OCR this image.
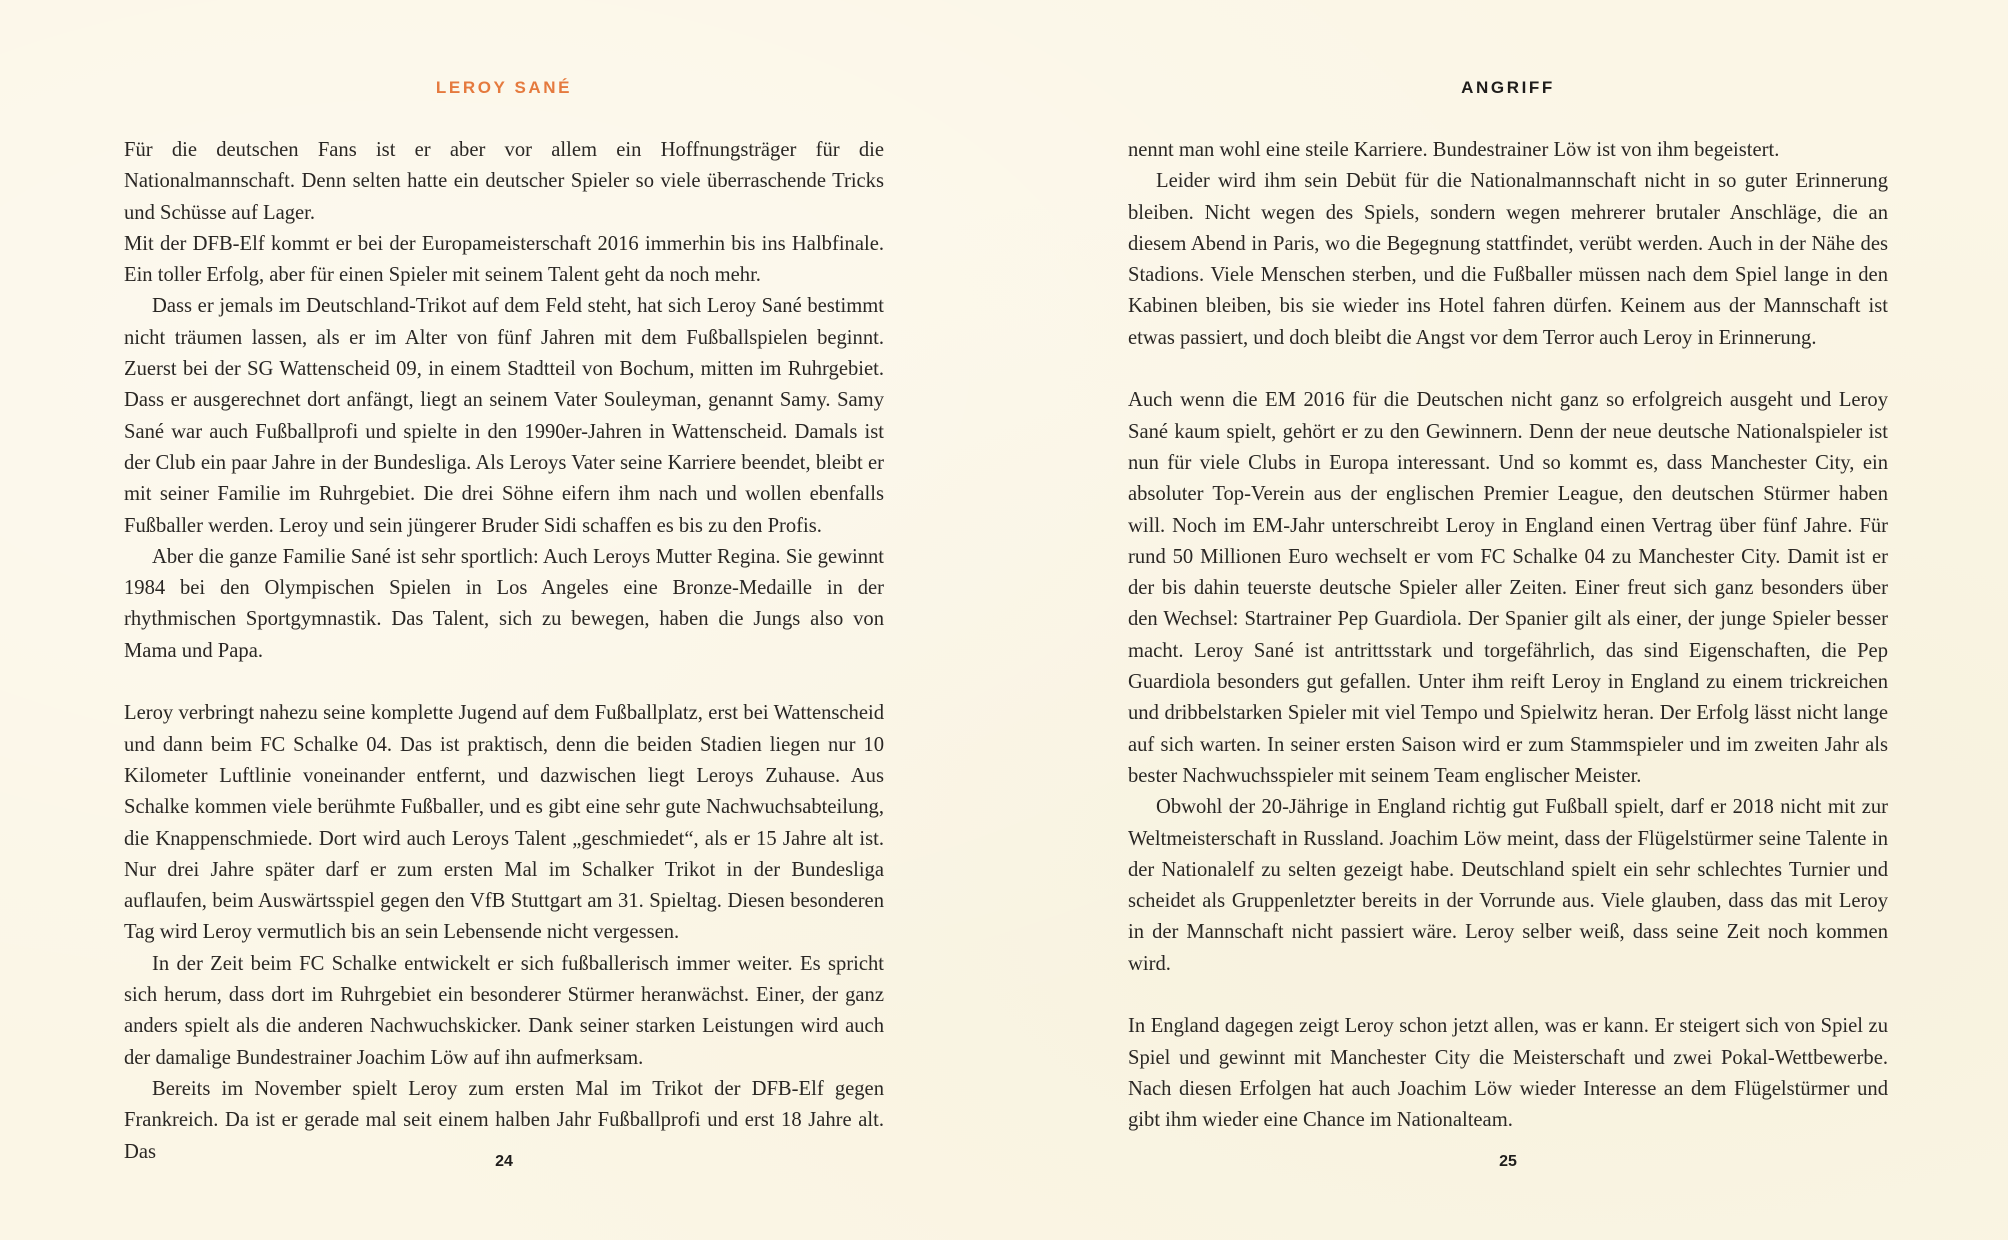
LEROY SANÉ

Für die deutschen Fans ist er aber vor allem ein Hoffnungsträger für die Nationalmannschaft. Denn selten hatte ein deutscher Spieler so viele überraschende Tricks und Schüsse auf Lager.

Mit der DFB-Elf kommt er bei der Europameisterschaft 2016 immerhin bis ins Halbfinale. Ein toller Erfolg, aber für einen Spieler mit seinem Talent geht da noch mehr.

Dass er jemals im Deutschland-Trikot auf dem Feld steht, hat sich Leroy Sané bestimmt nicht träumen lassen, als er im Alter von fünf Jahren mit dem Fußballspielen beginnt. Zuerst bei der SG Wattenscheid 09, in einem Stadtteil von Bochum, mitten im Ruhrgebiet. Dass er ausgerechnet dort anfängt, liegt an seinem Vater Souleyman, genannt Samy. Samy Sané war auch Fußballprofi und spielte in den 1990er-Jahren in Wattenscheid. Damals ist der Club ein paar Jahre in der Bundesliga. Als Leroys Vater seine Karriere beendet, bleibt er mit seiner Familie im Ruhrgebiet. Die drei Söhne eifern ihm nach und wollen ebenfalls Fußballer werden. Leroy und sein jüngerer Bruder Sidi schaffen es bis zu den Profis.

Aber die ganze Familie Sané ist sehr sportlich: Auch Leroys Mutter Regina. Sie gewinnt 1984 bei den Olympischen Spielen in Los Angeles eine Bronze-Medaille in der rhythmischen Sportgymnastik. Das Talent, sich zu bewegen, haben die Jungs also von Mama und Papa.

Leroy verbringt nahezu seine komplette Jugend auf dem Fußballplatz, erst bei Wattenscheid und dann beim FC Schalke 04. Das ist praktisch, denn die beiden Stadien liegen nur 10 Kilometer Luftlinie voneinander entfernt, und dazwischen liegt Leroys Zuhause. Aus Schalke kommen viele berühmte Fußballer, und es gibt eine sehr gute Nachwuchsabteilung, die Knappenschmiede. Dort wird auch Leroys Talent „geschmiedet“, als er 15 Jahre alt ist. Nur drei Jahre später darf er zum ersten Mal im Schalker Trikot in der Bundesliga auflaufen, beim Auswärtsspiel gegen den VfB Stuttgart am 31. Spieltag. Diesen besonderen Tag wird Leroy vermutlich bis an sein Lebensende nicht vergessen.

In der Zeit beim FC Schalke entwickelt er sich fußballerisch immer weiter. Es spricht sich herum, dass dort im Ruhrgebiet ein besonderer Stürmer heranwächst. Einer, der ganz anders spielt als die anderen Nachwuchskicker. Dank seiner starken Leistungen wird auch der damalige Bundestrainer Joachim Löw auf ihn aufmerksam.

Bereits im November spielt Leroy zum ersten Mal im Trikot der DFB-Elf gegen Frankreich. Da ist er gerade mal seit einem halben Jahr Fußballprofi und erst 18 Jahre alt. Das	24
ANGRIFF

nennt man wohl eine steile Karriere. Bundestrainer Löw ist von ihm begeistert.

Leider wird ihm sein Debüt für die Nationalmannschaft nicht in so guter Erinnerung bleiben. Nicht wegen des Spiels, sondern wegen mehrerer brutaler Anschläge, die an diesem Abend in Paris, wo die Begegnung stattfindet, verübt werden. Auch in der Nähe des Stadions. Viele Menschen sterben, und die Fußballer müssen nach dem Spiel lange in den Kabinen bleiben, bis sie wieder ins Hotel fahren dürfen. Keinem aus der Mannschaft ist etwas passiert, und doch bleibt die Angst vor dem Terror auch Leroy in Erinnerung.

Auch wenn die EM 2016 für die Deutschen nicht ganz so erfolgreich ausgeht und Leroy Sané kaum spielt, gehört er zu den Gewinnern. Denn der neue deutsche Nationalspieler ist nun für viele Clubs in Europa interessant. Und so kommt es, dass Manchester City, ein absoluter Top-Verein aus der englischen Premier League, den deutschen Stürmer haben will. Noch im EM-Jahr unterschreibt Leroy in England einen Vertrag über fünf Jahre. Für rund 50 Millionen Euro wechselt er vom FC Schalke 04 zu Manchester City. Damit ist er der bis dahin teuerste deutsche Spieler aller Zeiten. Einer freut sich ganz besonders über den Wechsel: Startrainer Pep Guardiola. Der Spanier gilt als einer, der junge Spieler besser macht. Leroy Sané ist antrittsstark und torgefährlich, das sind Eigenschaften, die Pep Guardiola besonders gut gefallen. Unter ihm reift Leroy in England zu einem trickreichen und dribbelstarken Spieler mit viel Tempo und Spielwitz heran. Der Erfolg lässt nicht lange auf sich warten. In seiner ersten Saison wird er zum Stammspieler und im zweiten Jahr als bester Nachwuchsspieler mit seinem Team englischer Meister.

Obwohl der 20-Jährige in England richtig gut Fußball spielt, darf er 2018 nicht mit zur Weltmeisterschaft in Russland. Joachim Löw meint, dass der Flügelstürmer seine Talente in der Nationalelf zu selten gezeigt habe. Deutschland spielt ein sehr schlechtes Turnier und scheidet als Gruppenletzter bereits in der Vorrunde aus. Viele glauben, dass das mit Leroy in der Mannschaft nicht passiert wäre. Leroy selber weiß, dass seine Zeit noch kommen wird.

In England dagegen zeigt Leroy schon jetzt allen, was er kann. Er steigert sich von Spiel zu Spiel und gewinnt mit Manchester City die Meisterschaft und zwei Pokal-Wettbewerbe. Nach diesen Erfolgen hat auch Joachim Löw wieder Interesse an dem Flügelstürmer und gibt ihm wieder eine Chance im Nationalteam.

25
